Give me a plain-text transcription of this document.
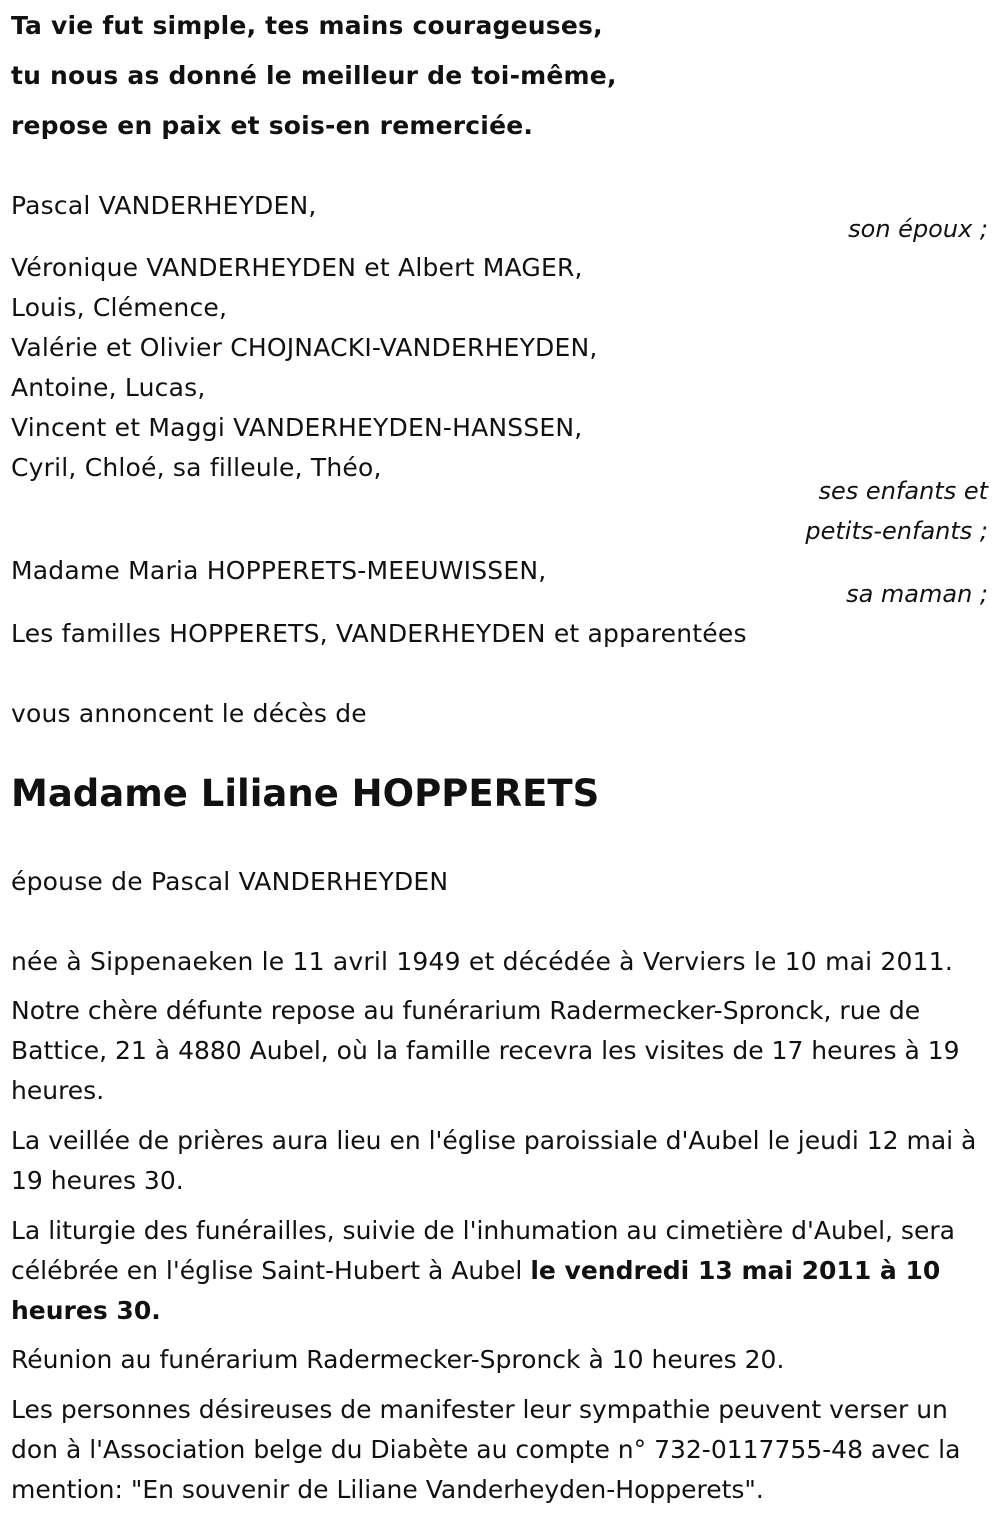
Ta vie fut simple, tes mains courageuses,
tu nous as donné le meilleur de toi-même,
repose en paix et sois-en remerciée.
Pascal VANDERHEYDEN,
son époux ;
Véronique VANDERHEYDEN et Albert MAGER,
Louis, Clémence,
Valérie et Olivier CHOJNACKI-VANDERHEYDEN,
Antoine, Lucas,
Vincent et Maggi VANDERHEYDEN-HANSSEN,
Cyril, Chloé, sa filleule, Théo,
ses enfants et
petits-enfants ;
Madame Maria HOPPERETS-MEEUWISSEN,
sa maman ;
Les familles HOPPERETS, VANDERHEYDEN et apparentées
vous annoncent le décès de
Madame Liliane HOPPERETS
épouse de Pascal VANDERHEYDEN
née à Sippenaeken le 11 avril 1949 et décédée à Verviers le 10 mai 2011.
Notre chère défunte repose au funérarium Radermecker-Spronck, rue de Battice, 21 à 4880 Aubel, où la famille recevra les visites de 17 heures à 19 heures.
La veillée de prières aura lieu en l'église paroissiale d'Aubel le jeudi 12 mai à 19 heures 30.
La liturgie des funérailles, suivie de l'inhumation au cimetière d'Aubel, sera célébrée en l'église Saint-Hubert à Aubel le vendredi 13 mai 2011 à 10 heures 30.
Réunion au funérarium Radermecker-Spronck à 10 heures 20.
Les personnes désireuses de manifester leur sympathie peuvent verser un don à l'Association belge du Diabète au compte n° 732-0117755-48 avec la mention: "En souvenir de Liliane Vanderheyden-Hopperets".
